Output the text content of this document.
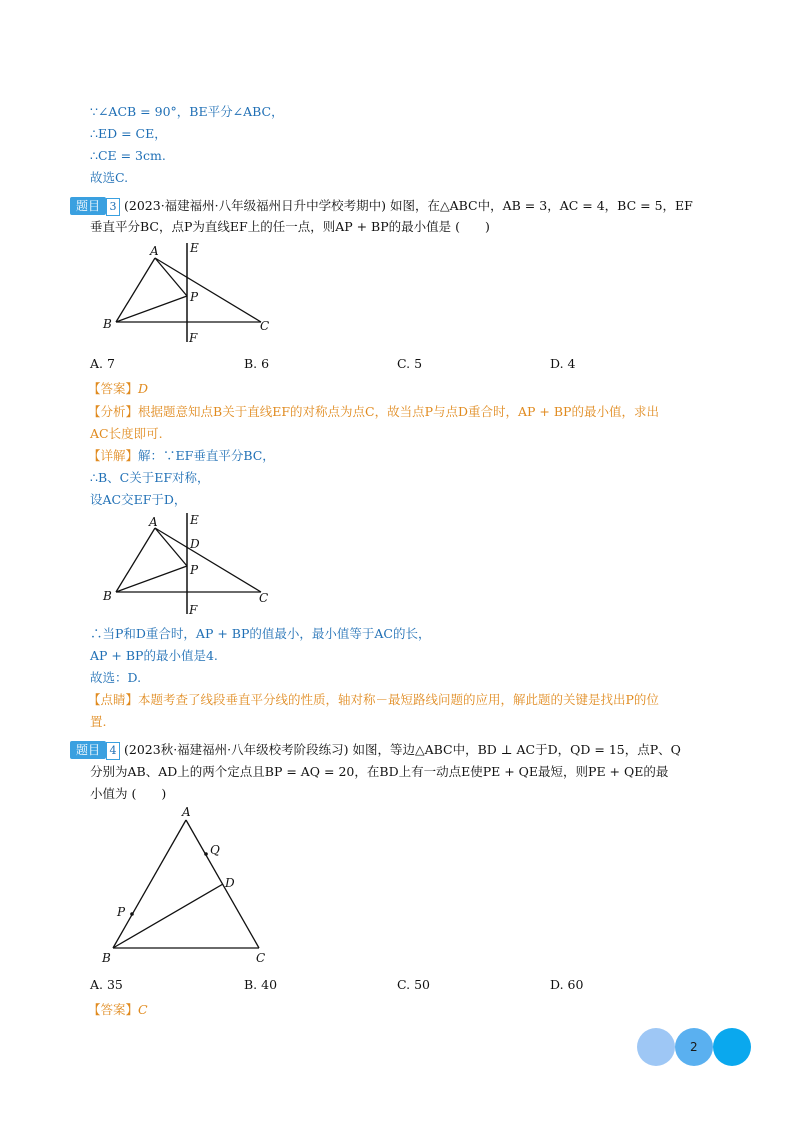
∵∠ACB = 90°，BE平分∠ABC，
∴ED = CE，
∴CE = 3cm.
故选C.
题目 3 (2023·福建福州·八年级福州日升中学校考期中) 如图，在△ABC中，AB = 3，AC = 4，BC = 5，EF
垂直平分BC，点P为直线EF上的任一点，则AP + BP的最小值是 (　　)
A	E
P
B	C
F
A. 7	B. 6	C. 5	D. 4
【答案】D
【分析】根据题意知点B关于直线EF的对称点为点C，故当点P与点D重合时，AP + BP的最小值，求出
AC长度即可.
【详解】解：∵EF垂直平分BC，
∴B、C关于EF对称，
设AC交EF于D，
A	E
D
P
B	C
F
∴当P和D重合时，AP + BP的值最小，最小值等于AC的长，
AP + BP的最小值是4.
故选：D.
【点睛】本题考查了线段垂直平分线的性质，轴对称－最短路线问题的应用，解此题的关键是找出P的位
置.
题目 4 (2023秋·福建福州·八年级校考阶段练习) 如图，等边△ABC中，BD ⊥ AC于D，QD = 15，点P、Q
分别为AB、AD上的两个定点且BP = AQ = 20，在BD上有一动点E使PE + QE最短，则PE + QE的最
小值为 (　　)
A
Q
D
P
B	C
A. 35	B. 40	C. 50	D. 60
【答案】C
2
